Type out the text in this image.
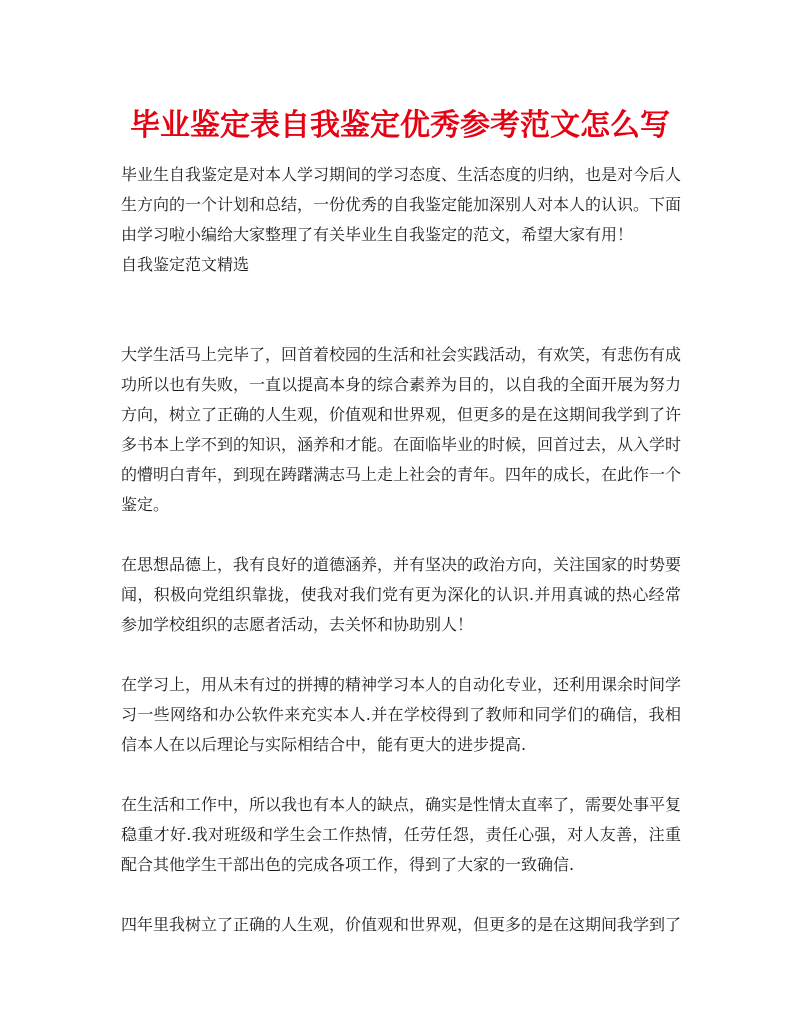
毕业鉴定表自我鉴定优秀参考范文怎么写

毕业生自我鉴定是对本人学习期间的学习态度、生活态度的归纳，也是对今后人生方向的一个计划和总结，一份优秀的自我鉴定能加深别人对本人的认识。下面由学习啦小编给大家整理了有关毕业生自我鉴定的范文，希望大家有用！

自我鉴定范文精选

大学生活马上完毕了，回首着校园的生活和社会实践活动，有欢笑，有悲伤有成功所以也有失败，一直以提高本身的综合素养为目的，以自我的全面开展为努力方向，树立了正确的人生观，价值观和世界观，但更多的是在这期间我学到了许多书本上学不到的知识，涵养和才能。在面临毕业的时候，回首过去，从入学时的懵明白青年，到现在踌躇满志马上走上社会的青年。四年的成长，在此作一个鉴定。

在思想品德上，我有良好的道德涵养，并有坚决的政治方向，关注国家的时势要闻，积极向党组织靠拢，使我对我们党有更为深化的认识.并用真诚的热心经常参加学校组织的志愿者活动，去关怀和协助别人！

在学习上，用从未有过的拼搏的精神学习本人的自动化专业，还利用课余时间学习一些网络和办公软件来充实本人.并在学校得到了教师和同学们的确信，我相信本人在以后理论与实际相结合中，能有更大的进步提高.

在生活和工作中，所以我也有本人的缺点，确实是性情太直率了，需要处事平复稳重才好.我对班级和学生会工作热情，任劳任怨，责任心强，对人友善，注重配合其他学生干部出色的完成各项工作，得到了大家的一致确信.

四年里我树立了正确的人生观，价值观和世界观，但更多的是在这期间我学到了
